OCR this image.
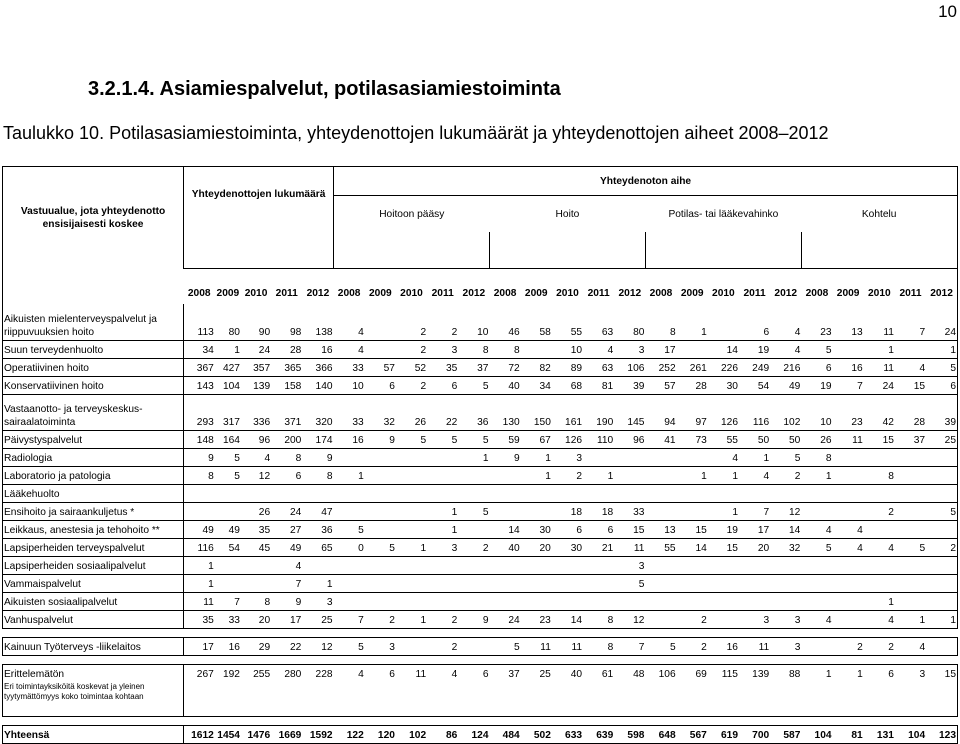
10
3.2.1.4. Asiamiespalvelut, potilasasiamiestoiminta
Taulukko 10. Potilasasiamiestoiminta, yhteydenottojen lukumäärät ja yhteydenottojen aiheet 2008–2012
Vastuualue, jota yhteydenotto ensisijaisesti koskee	Yhteydenottojen lukumäärä					Yhteydenoton aihe																			
						Hoitoon pääsy					Hoito					Potilas- tai lääkevahinko					Kohtelu				

	2008	2009	2010	2011	2012	2008	2009	2010	2011	2012	2008	2009	2010	2011	2012	2008	2009	2010	2011	2012	2008	2009	2010	2011	2012
Aikuisten mielenterveyspalvelut ja riippuvuuksien hoito	113	80	90	98	138	4		2	2	10	46	58	55	63	80	8	1		6	4	23	13	11	7	24
Suun terveydenhuolto	34	1	24	28	16	4		2	3	8	8		10	4	3	17		14	19	4	5		1		1
Operatiivinen hoito	367	427	357	365	366	33	57	52	35	37	72	82	89	63	106	252	261	226	249	216	6	16	11	4	5
Konservatiivinen hoito	143	104	139	158	140	10	6	2	6	5	40	34	68	81	39	57	28	30	54	49	19	7	24	15	6
Vastaanotto- ja terveyskeskus-sairaalatoiminta	293	317	336	371	320	33	32	26	22	36	130	150	161	190	145	94	97	126	116	102	10	23	42	28	39
Päivystyspalvelut	148	164	96	200	174	16	9	5	5	5	59	67	126	110	96	41	73	55	50	50	26	11	15	37	25
Radiologia	9	5	4	8	9					1	9	1	3					4	1	5	8				
Laboratorio ja patologia	8	5	12	6	8	1						1	2	1			1	1	4	2	1		8		
Lääkehuolto																									
Ensihoito ja sairaankuljetus *			26	24	47				1	5			18	18	33			1	7	12			2		5
Leikkaus, anestesia ja tehohoito **	49	49	35	27	36	5			1		14	30	6	6	15	13	15	19	17	14	4	4			
Lapsiperheiden terveyspalvelut	116	54	45	49	65	0	5	1	3	2	40	20	30	21	11	55	14	15	20	32	5	4	4	5	2
Lapsiperheiden sosiaalipalvelut	1			4											3										
Vammaispalvelut	1			7	1										5										
Aikuisten sosiaalipalvelut	11	7	8	9	3																		1		
Vanhuspalvelut	35	33	20	17	25	7	2	1	2	9	24	23	14	8	12		2		3	3	4		4	1	1

Kainuun Työterveys -liikelaitos	17	16	29	22	12	5	3		2		5	11	11	8	7	5	2	16	11	3		2	2	4	

Erittelemätön	267	192	255	280	228	4	6	11	4	6	37	25	40	61	48	106	69	115	139	88	1	1	6	3	15
Eri toimintayksiköitä koskevat ja yleinen tyytymättömyys koko toimintaa kohtaan																									

Yhteensä	1612	1454	1476	1669	1592	122	120	102	86	124	484	502	633	639	598	648	567	619	700	587	104	81	131	104	123
